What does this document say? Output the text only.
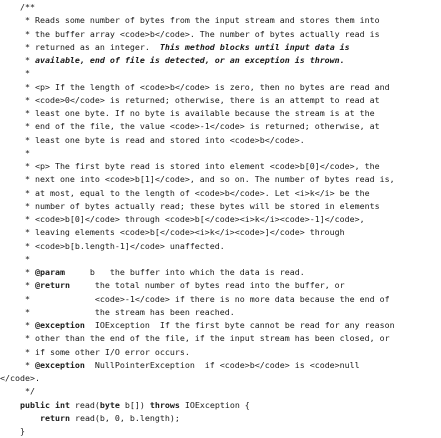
/**
* Reads some number of bytes from the input stream and stores them into
* the buffer array <code>b</code>. The number of bytes actually read is
* returned as an integer.  This method blocks until input data is
* available, end of file is detected, or an exception is thrown.
*
* <p> If the length of <code>b</code> is zero, then no bytes are read and
* <code>0</code> is returned; otherwise, there is an attempt to read at
* least one byte. If no byte is available because the stream is at the
* end of the file, the value <code>-1</code> is returned; otherwise, at
* least one byte is read and stored into <code>b</code>.
*
* <p> The first byte read is stored into element <code>b[0]</code>, the
* next one into <code>b[1]</code>, and so on. The number of bytes read is,
* at most, equal to the length of <code>b</code>. Let <i>k</i> be the
* number of bytes actually read; these bytes will be stored in elements
* <code>b[0]</code> through <code>b[</code><i>k</i><code>-1]</code>,
* leaving elements <code>b[</code><i>k</i><code>]</code> through
* <code>b[b.length-1]</code> unaffected.
*
* @param     b   the buffer into which the data is read.
* @return     the total number of bytes read into the buffer, or
*             <code>-1</code> if there is no more data because the end of
*             the stream has been reached.
* @exception  IOException  If the first byte cannot be read for any reason
* other than the end of the file, if the input stream has been closed, or
* if some other I/O error occurs.
* @exception  NullPointerException  if <code>b</code> is <code>null
</code>.
*/
public int read(byte b[]) throws IOException {
return read(b, 0, b.length);
}
